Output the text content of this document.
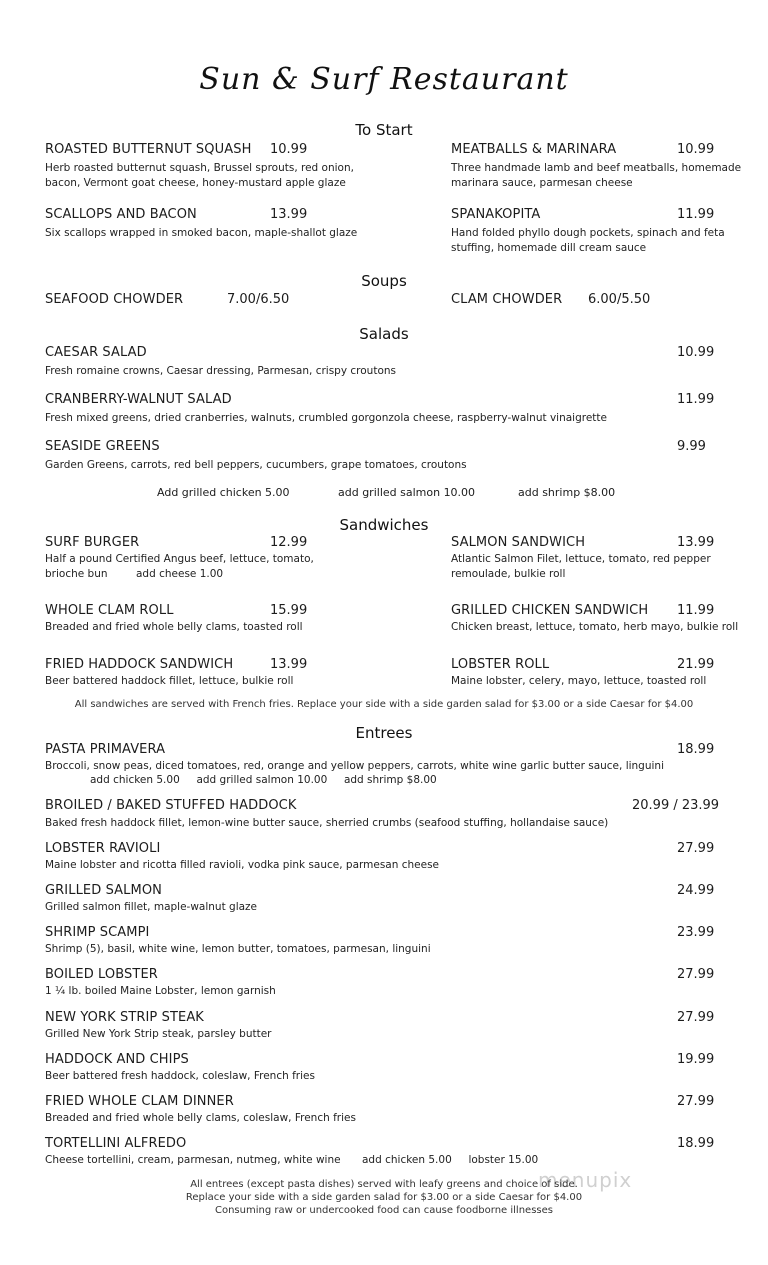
Sun & Surf Restaurant
To Start
ROASTED BUTTERNUT SQUASH 10.99
Herb roasted butternut squash, Brussel sprouts, red onion,
bacon, Vermont goat cheese, honey-mustard apple glaze
MEATBALLS & MARINARA	10.99
Three handmade lamb and beef meatballs, homemade
marinara sauce, parmesan cheese
SCALLOPS AND BACON	13.99
Six scallops wrapped in smoked bacon, maple-shallot glaze
SPANAKOPITA	11.99
Hand folded phyllo dough pockets, spinach and feta
stuffing, homemade dill cream sauce
Soups
SEAFOOD CHOWDER	7.00/6.50	CLAM CHOWDER 6.00/5.50
Salads
CAESAR SALAD	10.99
Fresh romaine crowns, Caesar dressing, Parmesan, crispy croutons
CRANBERRY-WALNUT SALAD	11.99
Fresh mixed greens, dried cranberries, walnuts, crumbled gorgonzola cheese, raspberry-walnut vinaigrette
SEASIDE GREENS	9.99
Garden Greens, carrots, red bell peppers, cucumbers, grape tomatoes, croutons
Add grilled chicken 5.00	add grilled salmon 10.00	add shrimp $8.00
Sandwiches
SURF BURGER	12.99
Half a pound Certified Angus beef, lettuce, tomato,
brioche bun	add cheese 1.00
SALMON SANDWICH	13.99
Atlantic Salmon Filet, lettuce, tomato, red pepper
remoulade, bulkie roll
WHOLE CLAM ROLL	15.99
Breaded and fried whole belly clams, toasted roll
GRILLED CHICKEN SANDWICH 11.99
Chicken breast, lettuce, tomato, herb mayo, bulkie roll
FRIED HADDOCK SANDWICH	13.99
Beer battered haddock fillet, lettuce, bulkie roll
LOBSTER ROLL	21.99
Maine lobster, celery, mayo, lettuce, toasted roll
All sandwiches are served with French fries. Replace your side with a side garden salad for $3.00 or a side Caesar for $4.00
Entrees
PASTA PRIMAVERA	18.99
Broccoli, snow peas, diced tomatoes, red, orange and yellow peppers, carrots, white wine garlic butter sauce, linguini
add chicken 5.00     add grilled salmon 10.00     add shrimp $8.00
BROILED / BAKED STUFFED HADDOCK	20.99 / 23.99
Baked fresh haddock fillet, lemon-wine butter sauce, sherried crumbs (seafood stuffing, hollandaise sauce)
LOBSTER RAVIOLI	27.99
Maine lobster and ricotta filled ravioli, vodka pink sauce, parmesan cheese
GRILLED SALMON	24.99
Grilled salmon fillet, maple-walnut glaze
SHRIMP SCAMPI	23.99
Shrimp (5), basil, white wine, lemon butter, tomatoes, parmesan, linguini
BOILED LOBSTER	27.99
1 ¼ lb. boiled Maine Lobster, lemon garnish
NEW YORK STRIP STEAK	27.99
Grilled New York Strip steak, parsley butter
HADDOCK AND CHIPS	19.99
Beer battered fresh haddock, coleslaw, French fries
FRIED WHOLE CLAM DINNER	27.99
Breaded and fried whole belly clams, coleslaw, French fries
TORTELLINI ALFREDO	18.99
Cheese tortellini, cream, parmesan, nutmeg, white wine add chicken 5.00     lobster 15.00
menupix
All entrees (except pasta dishes) served with leafy greens and choice of side.
Replace your side with a side garden salad for $3.00 or a side Caesar for $4.00
Consuming raw or undercooked food can cause foodborne illnesses
